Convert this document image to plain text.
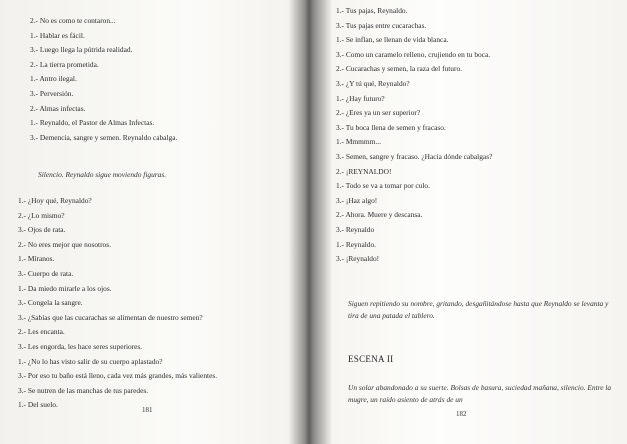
2.- No es como te contaron...
1.- Hablar es fácil.
3.- Luego llega la pútrida realidad.
2.- La tierra prometida.
1.- Antro ilegal.
3.- Perversión.
2.- Almas infectas.
1.- Reynaldo, el Pastor de Almas Infectas.
3.- Demencia, sangre y semen. Reynaldo cabalga.
Silencio. Reynaldo sigue moviendo figuras.
1.- ¿Hoy qué, Reynaldo?
2.- ¿Lo mismo?
3.- Ojos de rata.
2.- No eres mejor que nosotros.
1.- Míranos.
3.- Cuerpo de rata.
1.- Da miedo mirarle a los ojos.
3.- Congela la sangre.
3.- ¿Sabías que las cucarachas se alimentan de nuestro semen?
2.- Les encanta.
3.- Les engorda, les hace seres superiores.
1.- ¿No lo has visto salir de su cuerpo aplastado?
3.- Por eso tu baño está lleno, cada vez más grandes, más valientes.
3.- Se nutren de las manchas de tus paredes.
1.- Del suelo.
181
1.- Tus pajas, Reynaldo.
3.- Tus pajas entre cucarachas.
1.- Se inflan, se llenan de vida blanca.
3.- Como un caramelo relleno, crujiendo en tu boca.
2.- Cucarachas y semen, la raza del futuro.
3.- ¿Y tú qué, Reynaldo?
1.- ¿Hay futuro?
2.- ¿Eres ya un ser superior?
3.- Tu boca llena de semen y fracaso.
1.- Mmmmm...
3.- Semen, sangre y fracaso. ¿Hacia dónde cabalgas?
2.- ¡REYNALDO!
1.- Todo se va a tomar por culo.
3.- ¡Haz algo!
2.- Ahora. Muere y descansa.
3.- Reynaldo
1.- Reynaldo.
3.- ¡Reynaldo!
Siguen repitiendo su nombre, gritando, desgañitándose hasta que Reynaldo se levanta y tira de una patada el tablero.
ESCENA II
Un solar abandonado a su suerte. Bolsas de basura, suciedad mañana, silencio. Entre la mugre, un raído asiento de atrás de un
182
